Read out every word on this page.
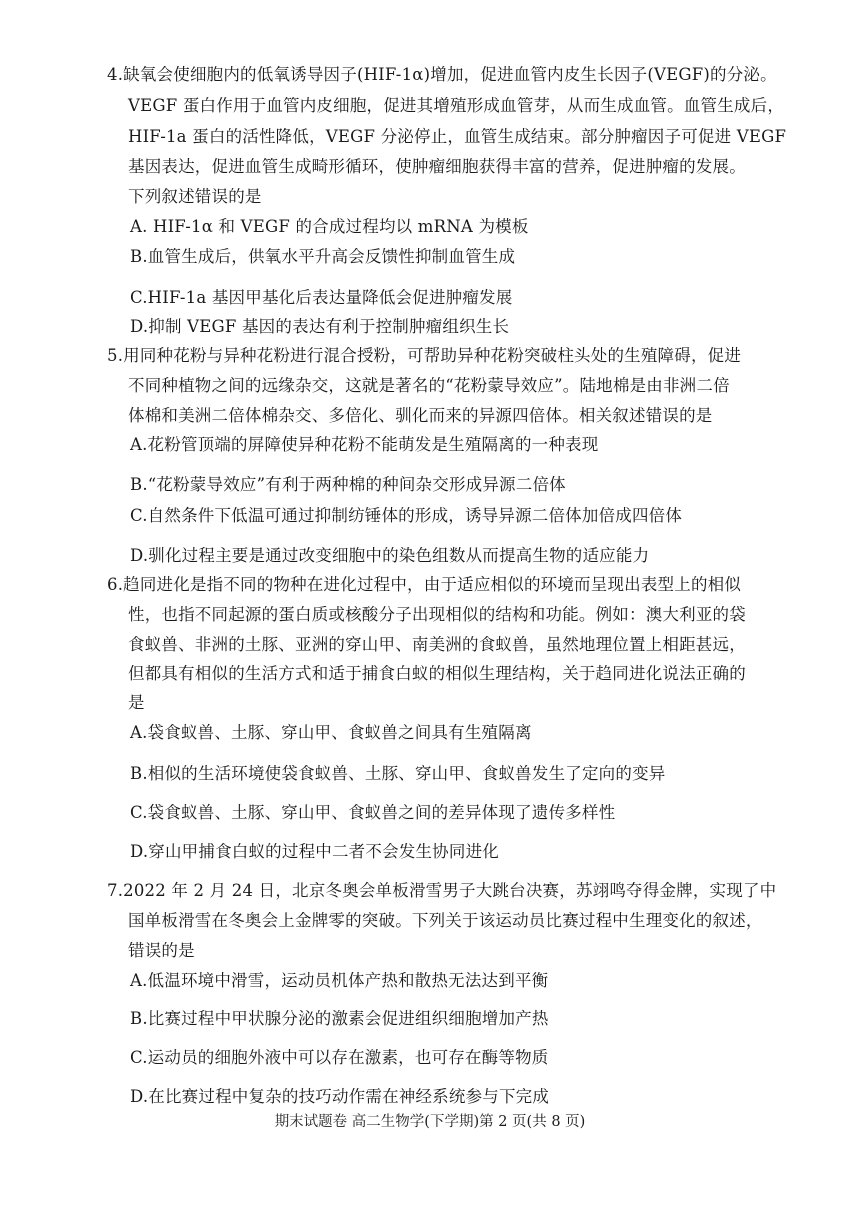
4.缺氧会使细胞内的低氧诱导因子(HIF-1α)增加，促进血管内皮生长因子(VEGF)的分泌。
VEGF 蛋白作用于血管内皮细胞，促进其增殖形成血管芽，从而生成血管。血管生成后，
HIF-1a 蛋白的活性降低，VEGF 分泌停止，血管生成结束。部分肿瘤因子可促进 VEGF
基因表达，促进血管生成畸形循环，使肿瘤细胞获得丰富的营养，促进肿瘤的发展。
下列叙述错误的是
A. HIF-1α 和 VEGF 的合成过程均以 mRNA 为模板
B.血管生成后，供氧水平升高会反馈性抑制血管生成
C.HIF-1a 基因甲基化后表达量降低会促进肿瘤发展
D.抑制 VEGF 基因的表达有利于控制肿瘤组织生长
5.用同种花粉与异种花粉进行混合授粉，可帮助异种花粉突破柱头处的生殖障碍，促进
不同种植物之间的远缘杂交，这就是著名的“花粉蒙导效应”。陆地棉是由非洲二倍
体棉和美洲二倍体棉杂交、多倍化、驯化而来的异源四倍体。相关叙述错误的是
A.花粉管顶端的屏障使异种花粉不能萌发是生殖隔离的一种表现
B.“花粉蒙导效应”有利于两种棉的种间杂交形成异源二倍体
C.自然条件下低温可通过抑制纺锤体的形成，诱导异源二倍体加倍成四倍体
D.驯化过程主要是通过改变细胞中的染色组数从而提高生物的适应能力
6.趋同进化是指不同的物种在进化过程中，由于适应相似的环境而呈现出表型上的相似
性，也指不同起源的蛋白质或核酸分子出现相似的结构和功能。例如：澳大利亚的袋
食蚁兽、非洲的土豚、亚洲的穿山甲、南美洲的食蚁兽，虽然地理位置上相距甚远，
但都具有相似的生活方式和适于捕食白蚁的相似生理结构，关于趋同进化说法正确的
是
A.袋食蚁兽、土豚、穿山甲、食蚁兽之间具有生殖隔离
B.相似的生活环境使袋食蚁兽、土豚、穿山甲、食蚁兽发生了定向的变异
C.袋食蚁兽、土豚、穿山甲、食蚁兽之间的差异体现了遗传多样性
D.穿山甲捕食白蚁的过程中二者不会发生协同进化
7.2022 年 2 月 24 日，北京冬奥会单板滑雪男子大跳台决赛，苏翊鸣夺得金牌，实现了中
国单板滑雪在冬奥会上金牌零的突破。下列关于该运动员比赛过程中生理变化的叙述，
错误的是
A.低温环境中滑雪，运动员机体产热和散热无法达到平衡
B.比赛过程中甲状腺分泌的激素会促进组织细胞增加产热
C.运动员的细胞外液中可以存在激素，也可存在酶等物质
D.在比赛过程中复杂的技巧动作需在神经系统参与下完成
期末试题卷 高二生物学(下学期)第 2 页(共 8 页)
